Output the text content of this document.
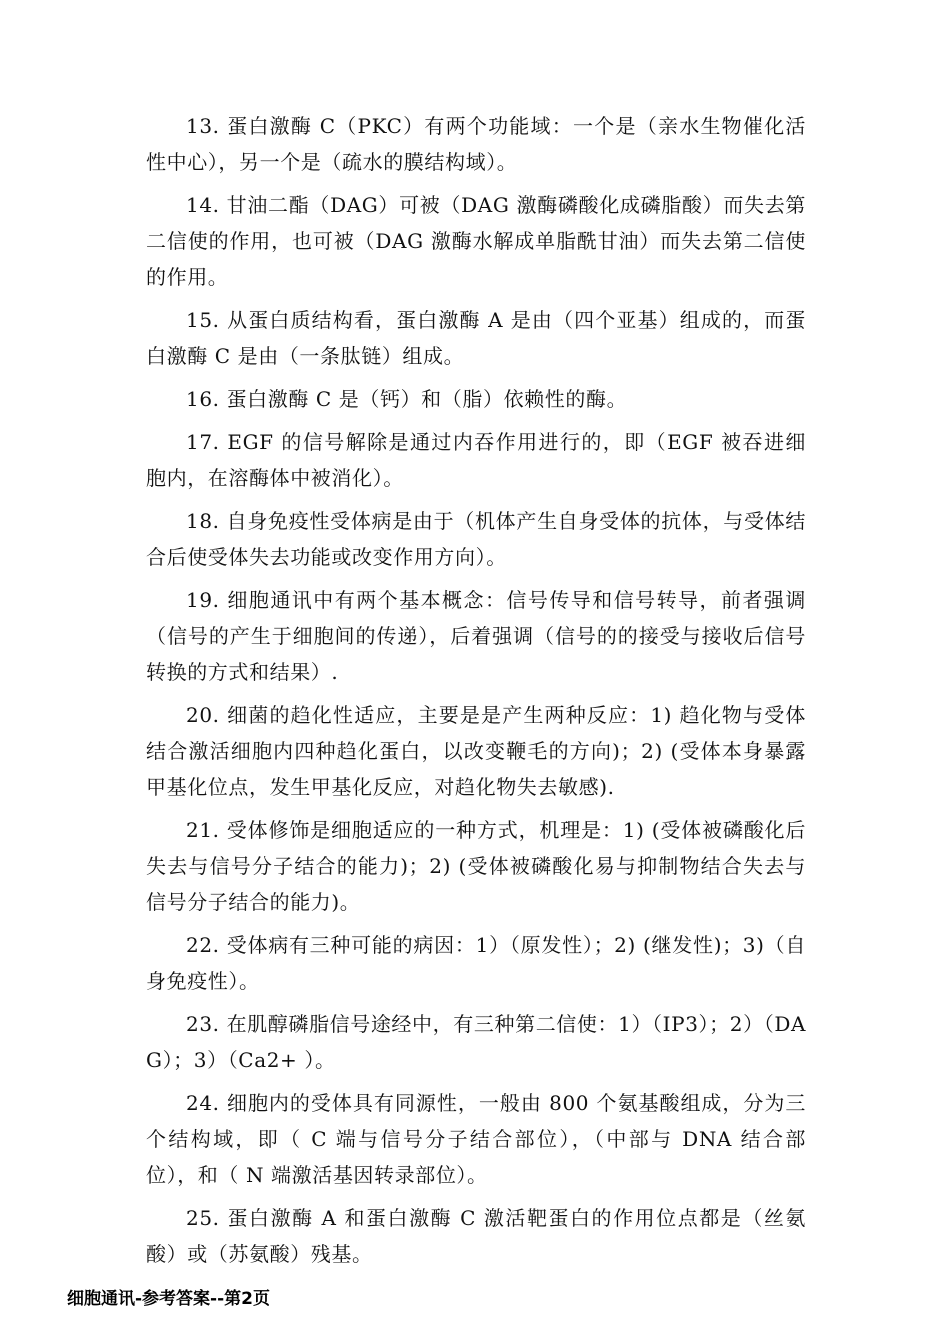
13. 蛋白激酶 C（PKC）有两个功能域：一个是（亲水生物催化活性中心），另一个是（疏水的膜结构域）。

14. 甘油二酯（DAG）可被（DAG 激酶磷酸化成磷脂酸）而失去第二信使的作用，也可被（DAG 激酶水解成单脂酰甘油）而失去第二信使的作用。

15. 从蛋白质结构看，蛋白激酶 A 是由（四个亚基）组成的，而蛋白激酶 C 是由（一条肽链）组成。

16. 蛋白激酶 C 是（钙）和（脂）依赖性的酶。

17. EGF 的信号解除是通过内吞作用进行的，即（EGF 被吞进细胞内，在溶酶体中被消化）。

18. 自身免疫性受体病是由于（机体产生自身受体的抗体，与受体结合后使受体失去功能或改变作用方向）。

19. 细胞通讯中有两个基本概念：信号传导和信号转导，前者强调（信号的产生于细胞间的传递），后着强调（信号的的接受与接收后信号转换的方式和结果）.

20. 细菌的趋化性适应，主要是是产生两种反应：1) 趋化物与受体结合激活细胞内四种趋化蛋白，以改变鞭毛的方向)；2) (受体本身暴露甲基化位点，发生甲基化反应，对趋化物失去敏感).

21. 受体修饰是细胞适应的一种方式，机理是：1) (受体被磷酸化后失去与信号分子结合的能力)；2) (受体被磷酸化易与抑制物结合失去与信号分子结合的能力)。

22. 受体病有三种可能的病因：1）（原发性）；2) (继发性)；3)（自身免疫性）。

23. 在肌醇磷脂信号途经中，有三种第二信使：1）（IP3）；2）（DAG）；3）（Ca2+ ）。

24. 细胞内的受体具有同源性，一般由 800 个氨基酸组成，分为三个结构域，即（ C 端与信号分子结合部位），（中部与 DNA 结合部位），和（ N 端激活基因转录部位）。

25. 蛋白激酶 A 和蛋白激酶 C 激活靶蛋白的作用位点都是（丝氨酸）或（苏氨酸）残基。

细胞通讯-参考答案--第2页
